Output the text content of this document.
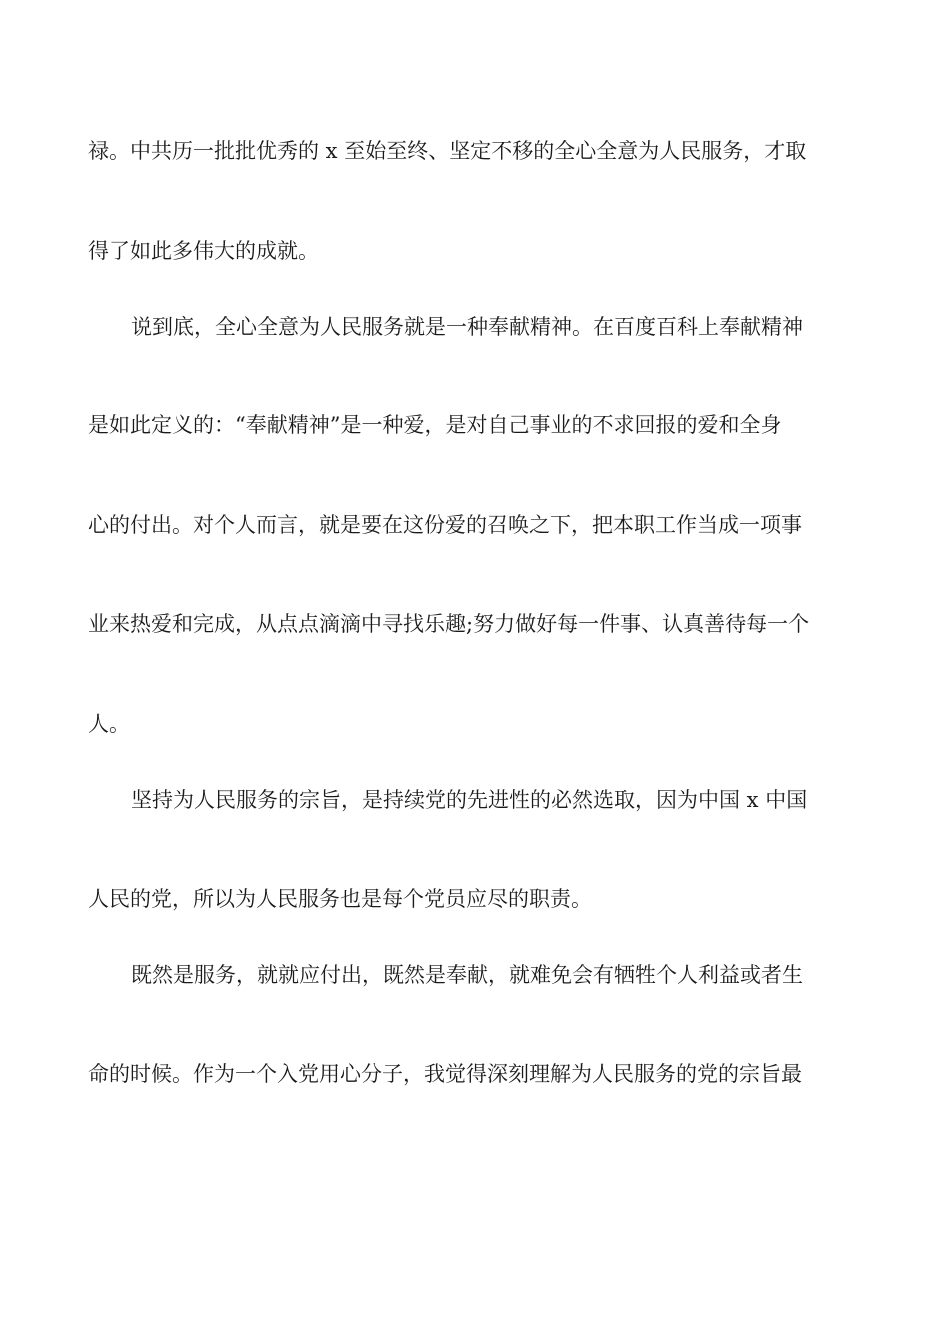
禄。中共历一批批优秀的 x 至始至终、坚定不移的全心全意为人民服务，才取
得了如此多伟大的成就。
说到底，全心全意为人民服务就是一种奉献精神。在百度百科上奉献精神
是如此定义的：“奉献精神”是一种爱，是对自己事业的不求回报的爱和全身
心的付出。对个人而言，就是要在这份爱的召唤之下，把本职工作当成一项事
业来热爱和完成，从点点滴滴中寻找乐趣;努力做好每一件事、认真善待每一个
人。
坚持为人民服务的宗旨，是持续党的先进性的必然选取，因为中国 x 中国
人民的党，所以为人民服务也是每个党员应尽的职责。
既然是服务，就就应付出，既然是奉献，就难免会有牺牲个人利益或者生
命的时候。作为一个入党用心分子，我觉得深刻理解为人民服务的党的宗旨最
